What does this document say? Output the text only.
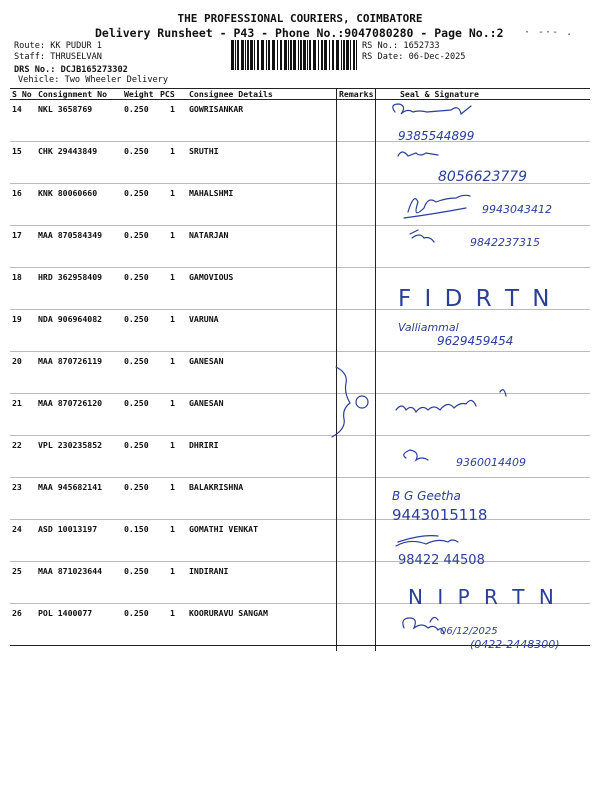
THE PROFESSIONAL COURIERS, COIMBATORE
Delivery Runsheet - P43 - Phone No.:9047080280 - Page No.:2	· -·- .
Route: KK PUDUR 1
Staff: THRUSELVAN
DRS No.: DCJB165273302
Vehicle: Two Wheeler Delivery
RS No.: 1652733
RS Date: 06-Dec-2025
S No	Consignment No	Weight	PCS	Consignee Details	Remarks	Seal & Signature
14	NKL 3658769	0.250	1	GOWRISANKAR		
15	CHK 29443849	0.250	1	SRUTHI		
16	KNK 80060660	0.250	1	MAHALSHMI		
17	MAA 870584349	0.250	1	NATARJAN		
18	HRD 362958409	0.250	1	GAMOVIOUS		
19	NDA 906964082	0.250	1	VARUNA		
20	MAA 870726119	0.250	1	GANESAN		
21	MAA 870726120	0.250	1	GANESAN		
22	VPL 230235852	0.250	1	DHRIRI		
23	MAA 945682141	0.250	1	BALAKRISHNA		
24	ASD 10013197	0.150	1	GOMATHI VENKAT		
25	MAA 871023644	0.250	1	INDIRANI		
26	POL 1400077	0.250	1	KOORURAVU SANGAM		
9385544899
8056623779
9943043412
9842237315
F I D R T N
Valliammal
9629459454
9360014409
B G Geetha
9443015118
98422 44508
N I P R T N
06/12/2025
(0422-2448300)
